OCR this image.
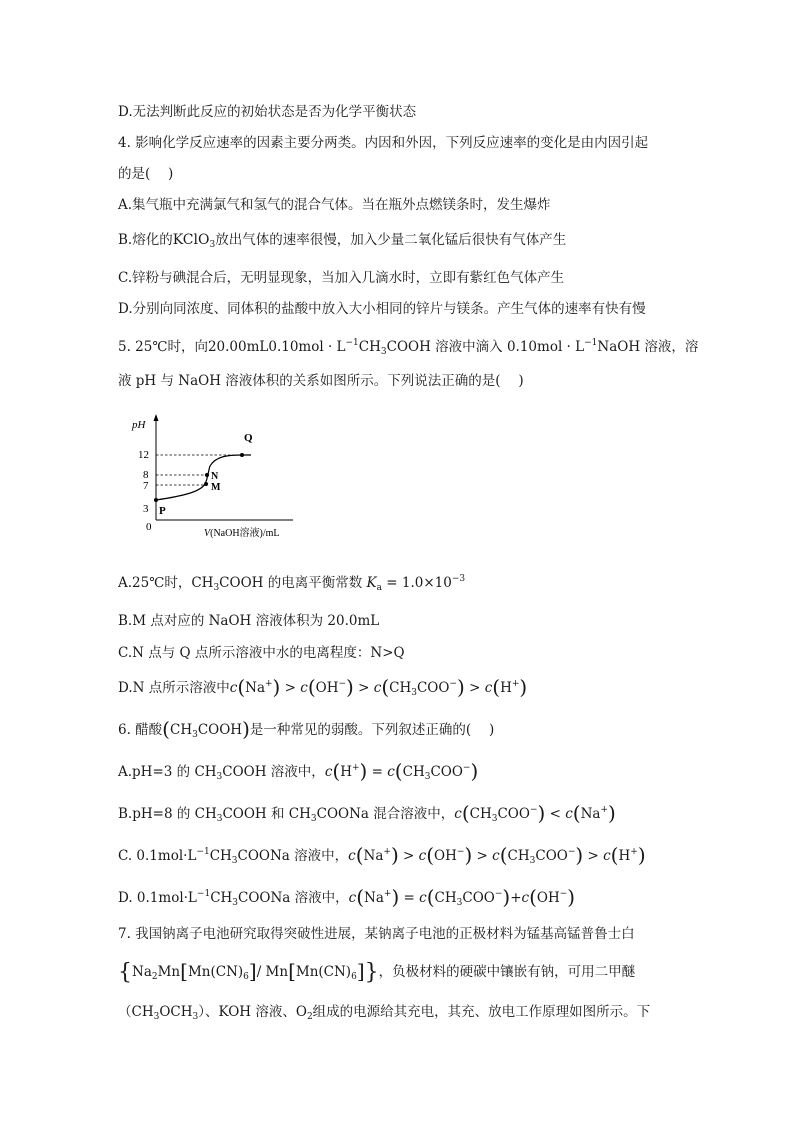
D.无法判断此反应的初始状态是否为化学平衡状态
4. 影响化学反应速率的因素主要分两类。内因和外因，下列反应速率的变化是由内因引起
的是(　 )
A.集气瓶中充满氯气和氢气的混合气体。当在瓶外点燃镁条时，发生爆炸
B.熔化的KClO$_3$放出气体的速率很慢，加入少量二氧化锰后很快有气体产生
C.锌粉与碘混合后，无明显现象，当加入几滴水时，立即有紫红色气体产生
D.分别向同浓度、同体积的盐酸中放入大小相同的锌片与镁条。产生气体的速率有快有慢
5. 25℃时，向$20.00mL0.10mol \cdot L^{-1}CH_3COOH$ 溶液中滴入 $0.10mol \cdot L^{-1}NaOH$ 溶液，溶
液 pH 与 NaOH 溶液体积的关系如图所示。下列说法正确的是(　 )
pH
V(NaOH溶液)/mL
0
12
8
7
3 P
M
N
Q
A.25℃时，$CH_3COOH$ 的电离平衡常数 $K_a = 1.0\times 10^{-3}$
B.M 点对应的 NaOH 溶液体积为 20.0mL
C.N 点与 Q 点所示溶液中水的电离程度：N>Q
D.N 点所示溶液中$c(Na^+) > c(OH^-) > c(CH_3COO^-) > c(H^+)$
6. 醋酸$(CH_3COOH)$是一种常见的弱酸。下列叙述正确的(　 )
A.pH=3 的 $CH_3COOH$ 溶液中，$c(H^+) = c(CH_3COO^-)$
B.pH=8 的 $CH_3COOH$ 和 $CH_3COONa$ 混合溶液中，$c(CH_3COO^-) < c(Na^+)$
C. $0.1mol\cdot L^{-1}CH_3COONa$ 溶液中，$c(Na^+) > c(OH^-) > c(CH_3COO^-) > c(H^+)$
D. $0.1mol\cdot L^{-1}CH_3COONa$ 溶液中，$c(Na^+) = c(CH_3COO^-)+c(OH^-)$
7. 我国钠离子电池研究取得突破性进展，某钠离子电池的正极材料为锰基高锰普鲁士白
{$Na_2Mn[Mn(CN)_6]/$ $Mn[Mn(CN)_6]$}，负极材料的硬碳中镶嵌有钠，可用二甲醚
$(CH_3OCH_3)$、KOH 溶液、$O_2$组成的电源给其充电，其充、放电工作原理如图所示。下
